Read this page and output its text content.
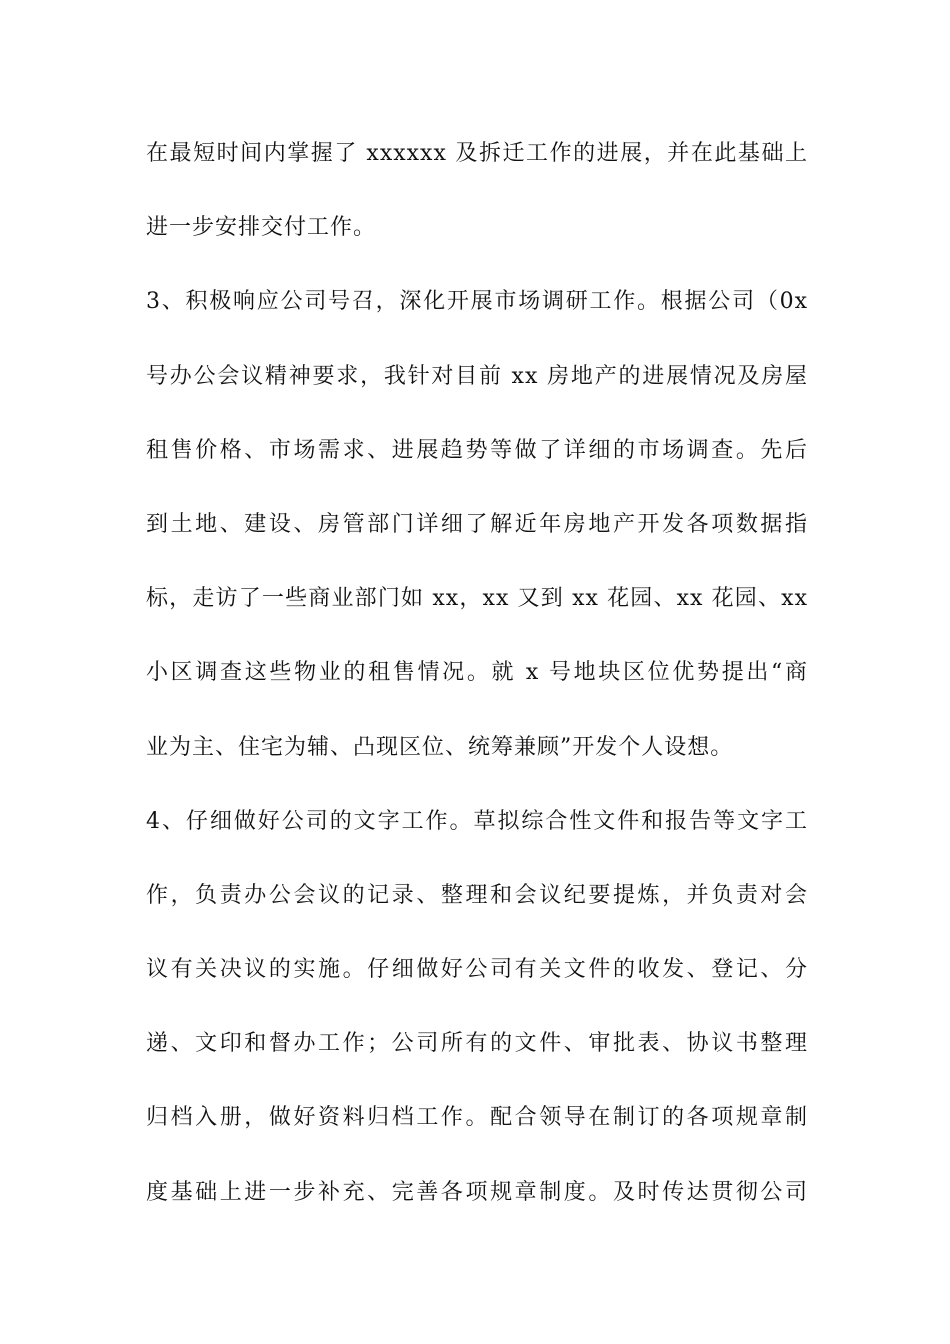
在最短时间内掌握了 xxxxxx 及拆迁工作的进展，并在此基础上
进一步安排交付工作。
3、积极响应公司号召，深化开展市场调研工作。根据公司（0x
号办公会议精神要求，我针对目前 xx 房地产的进展情况及房屋
租售价格、市场需求、进展趋势等做了详细的市场调查。先后
到土地、建设、房管部门详细了解近年房地产开发各项数据指
标，走访了一些商业部门如 xx，xx 又到 xx 花园、xx 花园、xx
小区调查这些物业的租售情况。就 x 号地块区位优势提出“商
业为主、住宅为辅、凸现区位、统筹兼顾”开发个人设想。
4、仔细做好公司的文字工作。草拟综合性文件和报告等文字工
作，负责办公会议的记录、整理和会议纪要提炼，并负责对会
议有关决议的实施。仔细做好公司有关文件的收发、登记、分
递、文印和督办工作；公司所有的文件、审批表、协议书整理
归档入册，做好资料归档工作。配合领导在制订的各项规章制
度基础上进一步补充、完善各项规章制度。及时传达贯彻公司
